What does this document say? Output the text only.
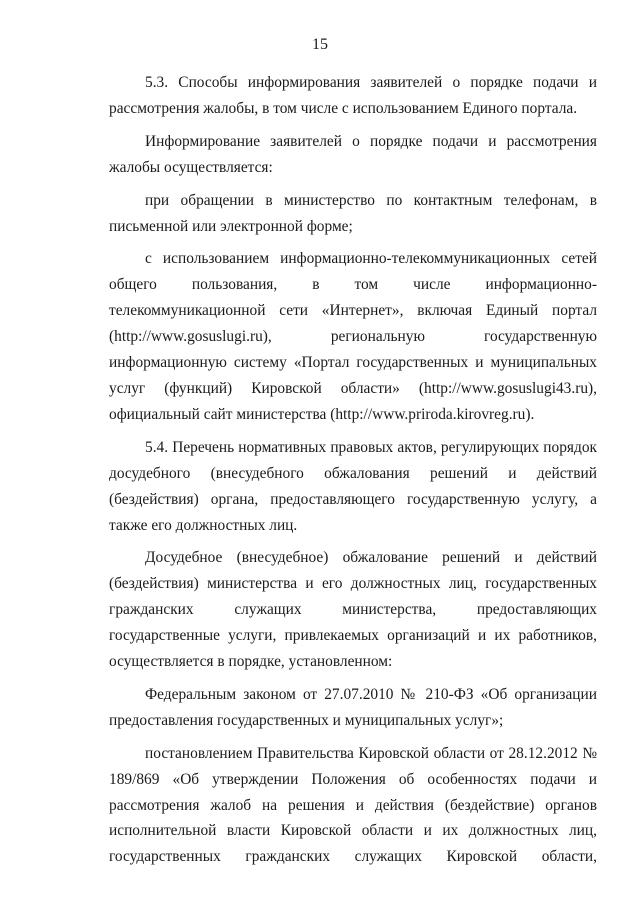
15

5.3. Способы информирования заявителей о порядке подачи и рассмотрения жалобы, в том числе с использованием Единого портала.

Информирование заявителей о порядке подачи и рассмотрения жалобы осуществляется:

при обращении в министерство по контактным телефонам, в письменной или электронной форме;

с использованием информационно-телекоммуникационных сетей общего пользования, в том числе информационно-телекоммуникационной сети «Интернет», включая Единый портал (http://www.gosuslugi.ru), региональную государственную информационную систему «Портал государственных и муниципальных услуг (функций) Кировской области» (http://www.gosuslugi43.ru), официальный сайт министерства (http://www.priroda.kirovreg.ru).

5.4. Перечень нормативных правовых актов, регулирующих порядок досудебного (внесудебного обжалования решений и действий (бездействия) органа, предоставляющего государственную услугу, а также его должностных лиц.

Досудебное (внесудебное) обжалование решений и действий (бездействия) министерства и его должностных лиц, государственных гражданских служащих министерства, предоставляющих государственные услуги, привлекаемых организаций и их работников, осуществляется в порядке, установленном:

Федеральным законом от 27.07.2010 № 210-ФЗ «Об организации предоставления государственных и муниципальных услуг»;

постановлением Правительства Кировской области от 28.12.2012 № 189/869 «Об утверждении Положения об особенностях подачи и рассмотрения жалоб на решения и действия (бездействие) органов исполнительной власти Кировской области и их должностных лиц, государственных гражданских служащих Кировской области,
